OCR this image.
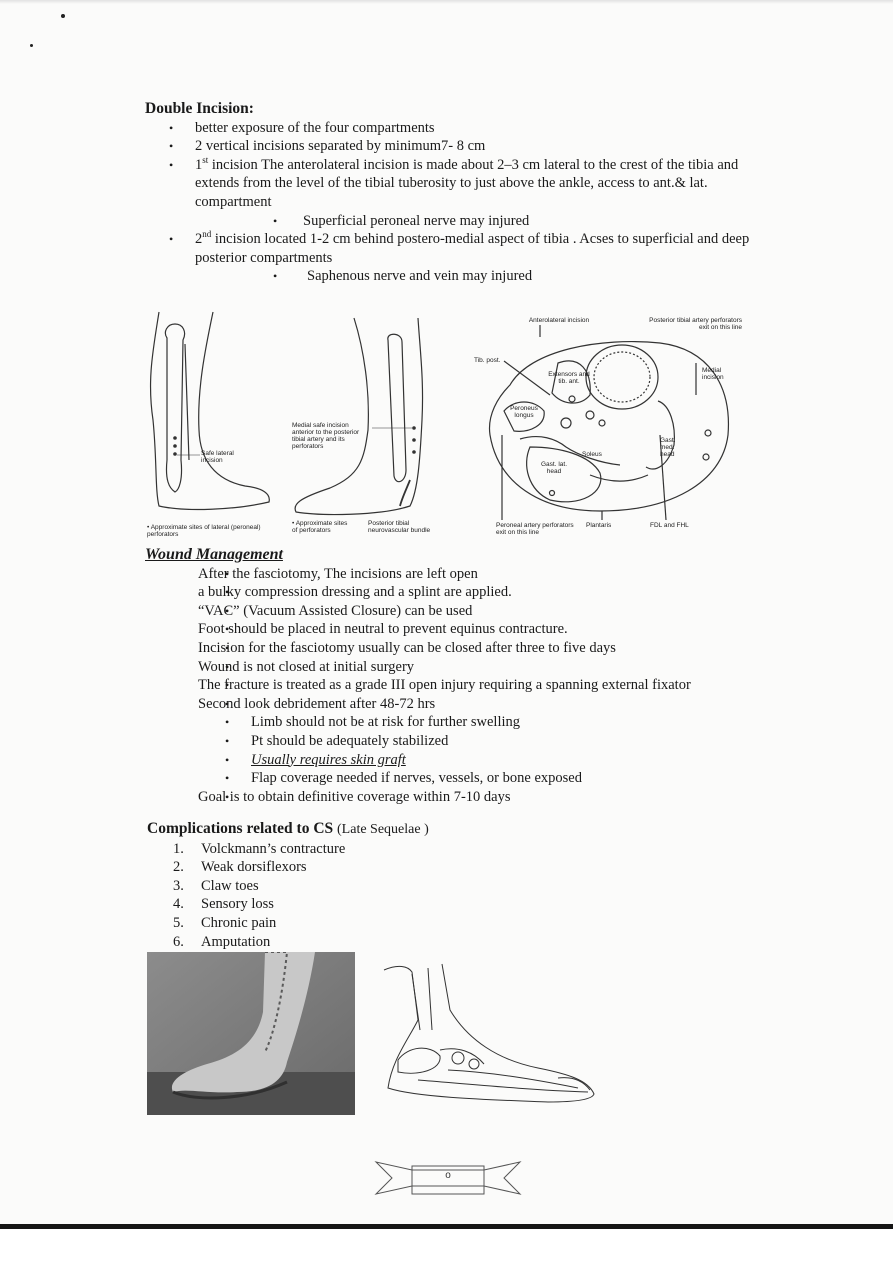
Double Incision:
• better exposure of the four compartments
• 2 vertical incisions separated by minimum7- 8 cm
• 1st incision The anterolateral incision is made about 2–3 cm lateral to the crest of the tibia and extends from the level of the tibial tuberosity to just above the ankle, access to ant.& lat. compartment
• Superficial peroneal nerve may injured
• 2nd incision located 1-2 cm behind postero-medial aspect of tibia . Acses to superficial and deep posterior compartments
• Saphenous nerve and vein may injured
Safe lateral incision
• Approximate sites of lateral (peroneal) perforators
Medial safe incision anterior to the posterior tibial artery and its perforators
• Approximate sites of perforators
Posterior tibial neurovascular bundle
Anterolateral incision	Posterior tibial artery perforators exit on this line
Medial incision
Tib. post.
Extensors and tib. ant.
Peroneus longus
Gast. med. head
Soleus
Gast. lat. head
Peroneal artery perforators exit on this line
Plantaris	FDL and FHL
Wound Management
• After the fasciotomy, The incisions are left open
• a bulky compression dressing and a splint are applied.
• “VAC” (Vacuum Assisted Closure) can be used
• Foot should be placed in neutral to prevent equinus contracture.
• Incision for the fasciotomy usually can be closed after three to five days
• Wound is not closed at initial surgery
• The fracture is treated as a grade III open injury requiring a spanning external fixator
• Second look debridement after 48-72 hrs
• Limb should not be at risk for further swelling
• Pt should be adequately stabilized
• Usually requires skin graft
• Flap coverage needed if nerves, vessels, or bone exposed
• Goal is to obtain definitive coverage within 7-10 days
Complications related to CS (Late Sequelae )
1. Volckmann’s contracture
2. Weak dorsiflexors
3. Claw toes
4. Sensory loss
5. Chronic pain
6. Amputation
o
